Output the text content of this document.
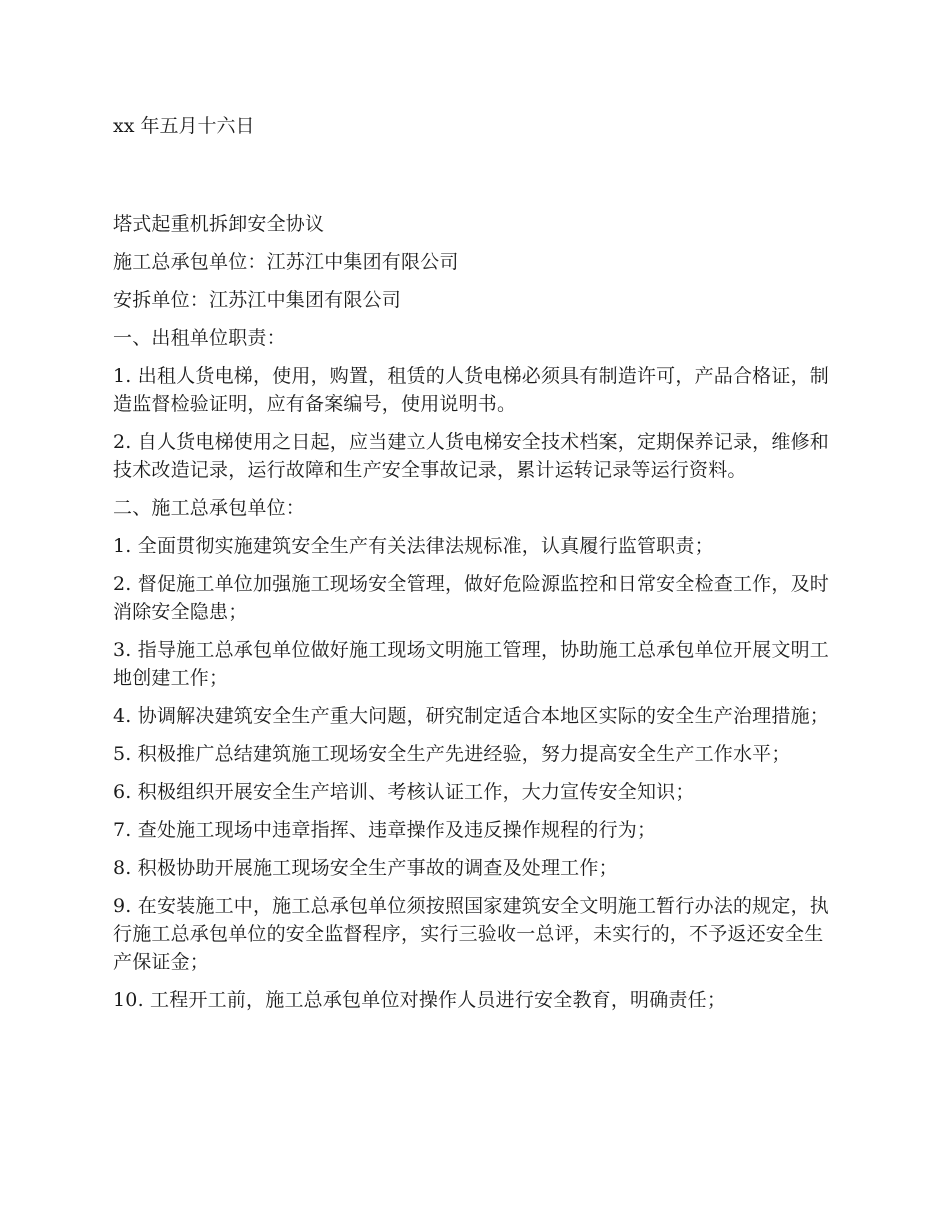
xx 年五月十六日

塔式起重机拆卸安全协议

施工总承包单位：江苏江中集团有限公司

安拆单位：江苏江中集团有限公司

一、出租单位职责：

1. 出租人货电梯，使用，购置，租赁的人货电梯必须具有制造许可，产品合格证，制造监督检验证明，应有备案编号，使用说明书。

2. 自人货电梯使用之日起，应当建立人货电梯安全技术档案，定期保养记录，维修和技术改造记录，运行故障和生产安全事故记录，累计运转记录等运行资料。

二、施工总承包单位：

1. 全面贯彻实施建筑安全生产有关法律法规标准，认真履行监管职责；

2. 督促施工单位加强施工现场安全管理，做好危险源监控和日常安全检查工作，及时消除安全隐患；

3. 指导施工总承包单位做好施工现场文明施工管理，协助施工总承包单位开展文明工地创建工作；

4. 协调解决建筑安全生产重大问题，研究制定适合本地区实际的安全生产治理措施；

5. 积极推广总结建筑施工现场安全生产先进经验，努力提高安全生产工作水平；

6. 积极组织开展安全生产培训、考核认证工作，大力宣传安全知识；

7. 查处施工现场中违章指挥、违章操作及违反操作规程的行为；

8. 积极协助开展施工现场安全生产事故的调查及处理工作；

9. 在安装施工中，施工总承包单位须按照国家建筑安全文明施工暂行办法的规定，执行施工总承包单位的安全监督程序，实行三验收一总评，未实行的，不予返还安全生产保证金；

10. 工程开工前，施工总承包单位对操作人员进行安全教育，明确责任；
